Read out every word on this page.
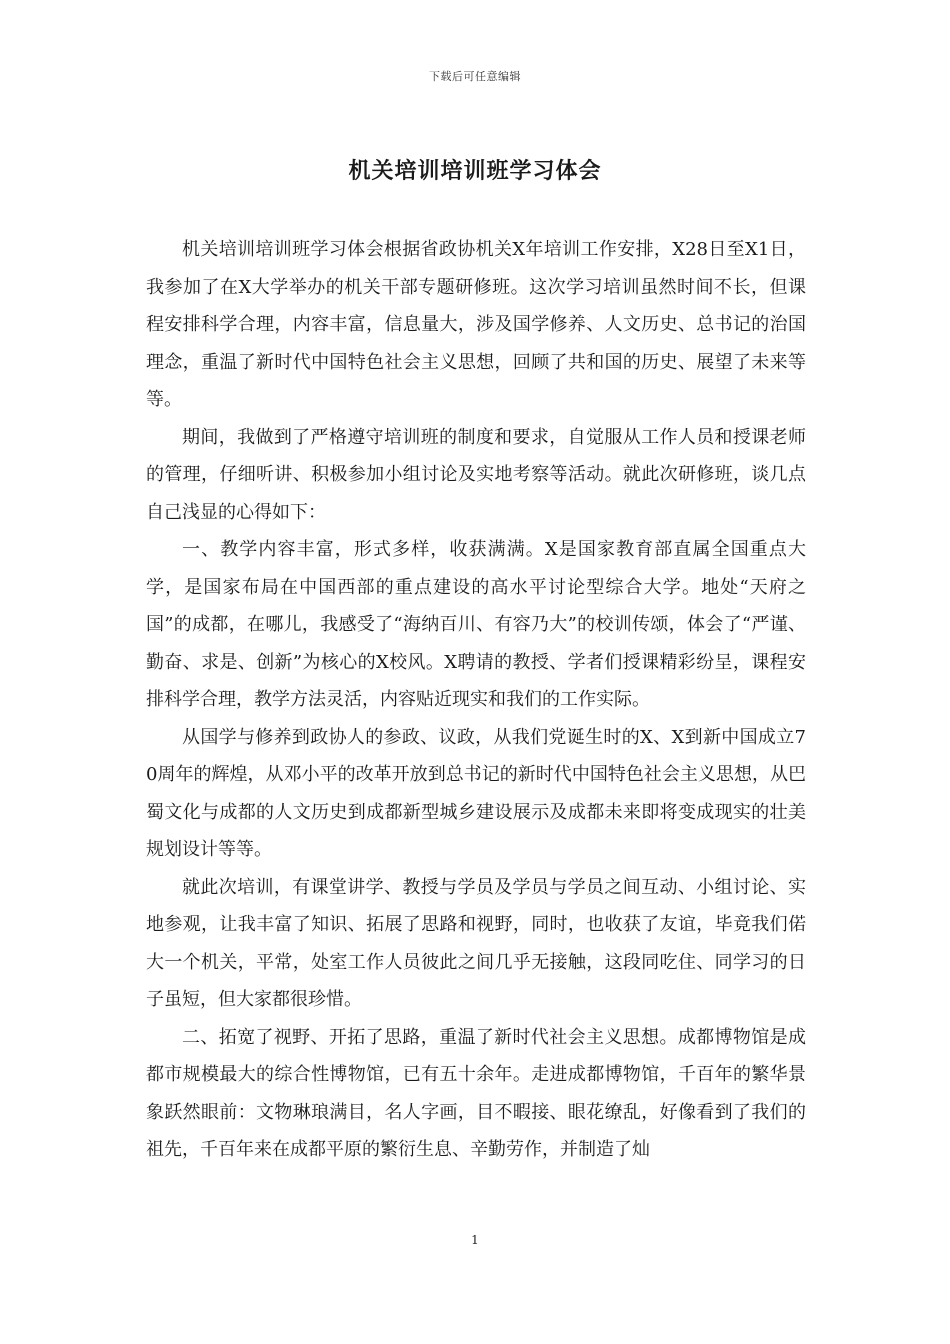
下载后可任意编辑
机关培训培训班学习体会

机关培训培训班学习体会根据省政协机关X年培训工作安排，X28日至X1日，我参加了在X大学举办的机关干部专题研修班。这次学习培训虽然时间不长，但课程安排科学合理，内容丰富，信息量大，涉及国学修养、人文历史、总书记的治国理念，重温了新时代中国特色社会主义思想，回顾了共和国的历史、展望了未来等等。

期间，我做到了严格遵守培训班的制度和要求，自觉服从工作人员和授课老师的管理，仔细听讲、积极参加小组讨论及实地考察等活动。就此次研修班，谈几点自己浅显的心得如下：

一、教学内容丰富，形式多样，收获满满。X是国家教育部直属全国重点大学，是国家布局在中国西部的重点建设的高水平讨论型综合大学。地处“天府之国”的成都，在哪儿，我感受了“海纳百川、有容乃大”的校训传颂，体会了“严谨、勤奋、求是、创新”为核心的X校风。X聘请的教授、学者们授课精彩纷呈，课程安排科学合理，教学方法灵活，内容贴近现实和我们的工作实际。

从国学与修养到政协人的参政、议政，从我们党诞生时的X、X到新中国成立70周年的辉煌，从邓小平的改革开放到总书记的新时代中国特色社会主义思想，从巴蜀文化与成都的人文历史到成都新型城乡建设展示及成都未来即将变成现实的壮美规划设计等等。

就此次培训，有课堂讲学、教授与学员及学员与学员之间互动、小组讨论、实地参观，让我丰富了知识、拓展了思路和视野，同时，也收获了友谊，毕竟我们偌大一个机关，平常，处室工作人员彼此之间几乎无接触，这段同吃住、同学习的日子虽短，但大家都很珍惜。

二、拓宽了视野、开拓了思路，重温了新时代社会主义思想。成都博物馆是成都市规模最大的综合性博物馆，已有五十余年。走进成都博物馆，千百年的繁华景象跃然眼前：文物琳琅满目，名人字画，目不暇接、眼花缭乱，好像看到了我们的祖先，千百年来在成都平原的繁衍生息、辛勤劳作，并制造了灿

1
